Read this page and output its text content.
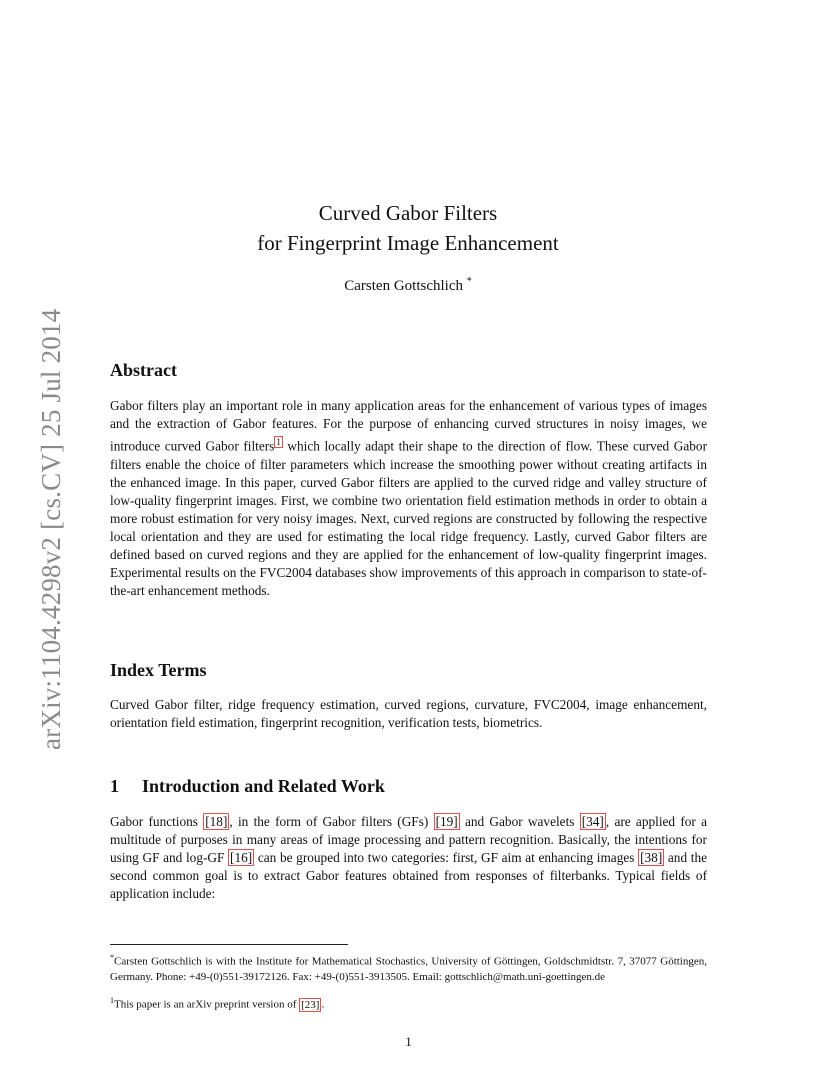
arXiv:1104.4298v2 [cs.CV] 25 Jul 2014
Curved Gabor Filters
for Fingerprint Image Enhancement
Carsten Gottschlich *
Abstract
Gabor filters play an important role in many application areas for the enhancement of various types of images and the extraction of Gabor features. For the purpose of enhancing curved structures in noisy images, we introduce curved Gabor filters $^1$ which locally adapt their shape to the direction of flow. These curved Gabor filters enable the choice of filter parameters which increase the smoothing power without creating artifacts in the enhanced image. In this paper, curved Gabor filters are applied to the curved ridge and valley structure of low-quality fingerprint images. First, we combine two orientation field estimation methods in order to obtain a more robust estimation for very noisy images. Next, curved regions are constructed by following the respective local orientation and they are used for estimating the local ridge frequency. Lastly, curved Gabor filters are defined based on curved regions and they are applied for the enhancement of low-quality fingerprint images. Experimental results on the FVC2004 databases show improvements of this approach in comparison to state-of-the-art enhancement methods.
Index Terms
Curved Gabor filter, ridge frequency estimation, curved regions, curvature, FVC2004, image enhancement, orientation field estimation, fingerprint recognition, verification tests, biometrics.
1 Introduction and Related Work
Gabor functions [18] , in the form of Gabor filters (GFs) [19] and Gabor wavelets [34] , are applied for a multitude of purposes in many areas of image processing and pattern recognition. Basically, the intentions for using GF and log-GF [16] can be grouped into two categories: first, GF aim at enhancing images [38] and the second common goal is to extract Gabor features obtained from responses of filterbanks. Typical fields of application include:
*Carsten Gottschlich is with the Institute for Mathematical Stochastics, University of Göttingen, Goldschmidtstr. 7, 37077 Göttingen, Germany. Phone: +49-(0)551-39172126. Fax: +49-(0)551-3913505. Email: gottschlich@math.uni-goettingen.de
$^1$This paper is an arXiv preprint version of [23] .
1
